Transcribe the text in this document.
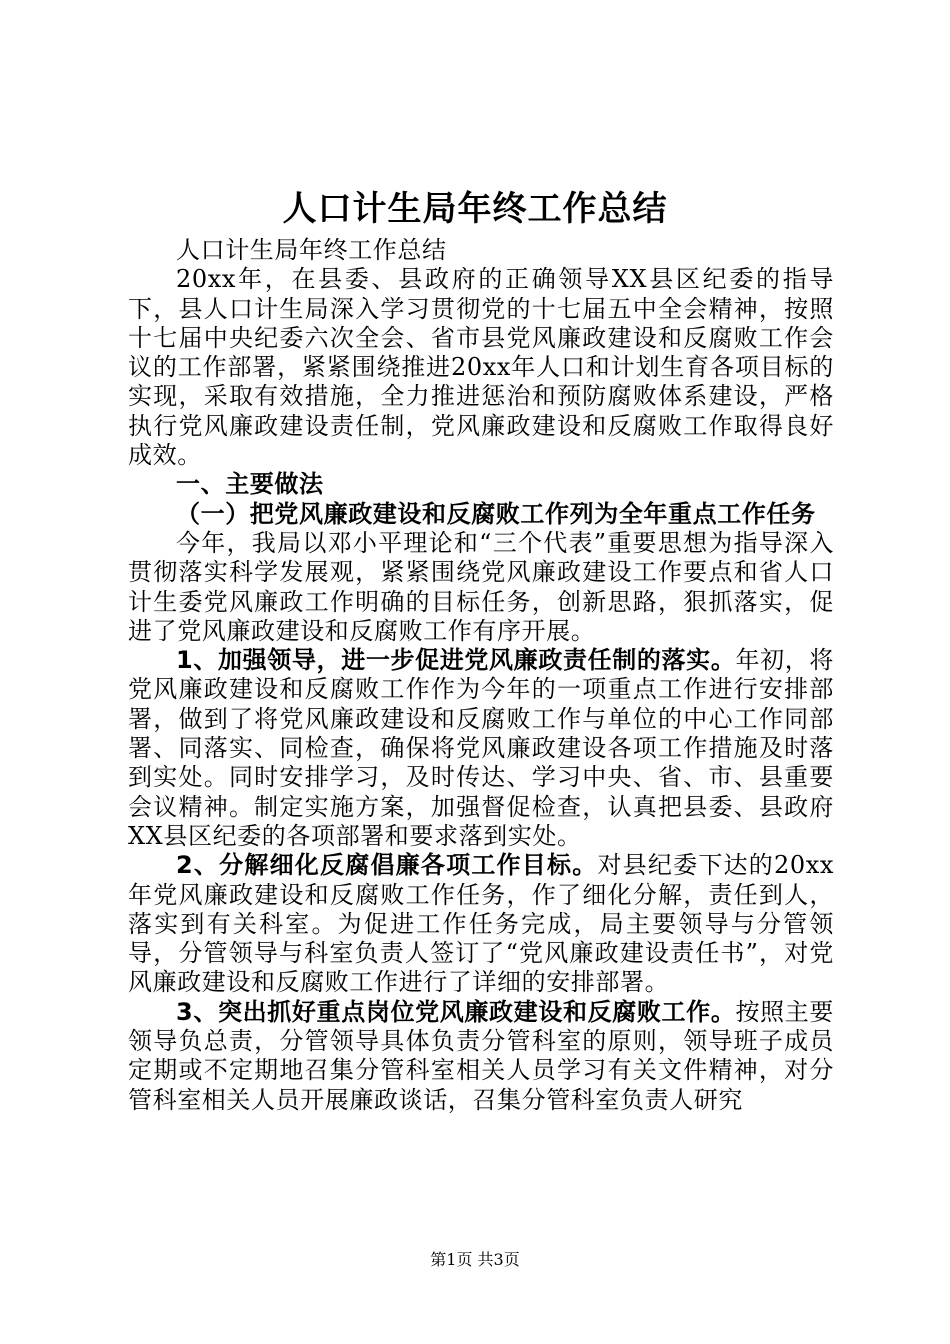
人口计生局年终工作总结

人口计生局年终工作总结

20xx年，在县委、县政府的正确领导XX县区纪委的指导下，县人口计生局深入学习贯彻党的十七届五中全会精神，按照十七届中央纪委六次全会、省市县党风廉政建设和反腐败工作会议的工作部署，紧紧围绕推进20xx年人口和计划生育各项目标的实现，采取有效措施，全力推进惩治和预防腐败体系建设，严格执行党风廉政建设责任制，党风廉政建设和反腐败工作取得良好成效。

一、主要做法

（一）把党风廉政建设和反腐败工作列为全年重点工作任务

今年，我局以邓小平理论和“三个代表”重要思想为指导深入贯彻落实科学发展观，紧紧围绕党风廉政建设工作要点和省人口计生委党风廉政工作明确的目标任务，创新思路，狠抓落实，促进了党风廉政建设和反腐败工作有序开展。

1、加强领导，进一步促进党风廉政责任制的落实。年初，将党风廉政建设和反腐败工作作为今年的一项重点工作进行安排部署，做到了将党风廉政建设和反腐败工作与单位的中心工作同部署、同落实、同检查，确保将党风廉政建设各项工作措施及时落到实处。同时安排学习，及时传达、学习中央、省、市、县重要会议精神。制定实施方案，加强督促检查，认真把县委、县政府XX县区纪委的各项部署和要求落到实处。

2、分解细化反腐倡廉各项工作目标。对县纪委下达的20xx年党风廉政建设和反腐败工作任务，作了细化分解，责任到人，落实到有关科室。为促进工作任务完成，局主要领导与分管领导，分管领导与科室负责人签订了“党风廉政建设责任书”，对党风廉政建设和反腐败工作进行了详细的安排部署。

3、突出抓好重点岗位党风廉政建设和反腐败工作。按照主要领导负总责，分管领导具体负责分管科室的原则，领导班子成员定期或不定期地召集分管科室相关人员学习有关文件精神，对分管科室相关人员开展廉政谈话，召集分管科室负责人研究

第1页 共3页
